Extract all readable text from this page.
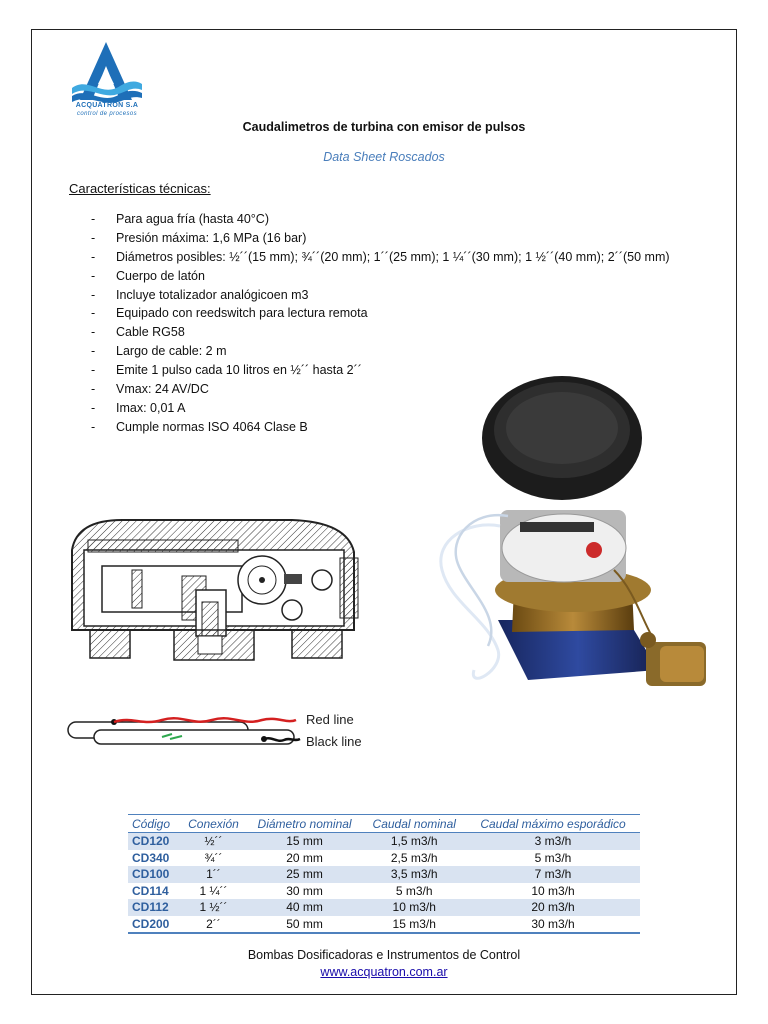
ACQUATRON S.A
control de procesos
Caudalimetros de turbina con emisor de pulsos
Data Sheet Roscados
Características técnicas:
- Para agua fría (hasta 40°C)
- Presión máxima: 1,6 MPa (16 bar)
- Diámetros posibles: ½´´(15 mm); ¾´´(20 mm); 1´´(25 mm); 1 ¼´´(30 mm); 1 ½´´(40 mm); 2´´(50 mm)
- Cuerpo de latón
- Incluye totalizador analógicoen m3
- Equipado con reedswitch para lectura remota
- Cable RG58
- Largo de cable: 2 m
- Emite 1 pulso cada 10 litros en ½´´ hasta 2´´
- Vmax: 24 AV/DC
- Imax: 0,01 A
- Cumple normas ISO 4064 Clase B
Red line
Black line
Código	Conexión	Diámetro nominal	Caudal nominal	Caudal máximo esporádico
CD120	½´´	15 mm	1,5 m3/h	3 m3/h
CD340	¾´´	20 mm	2,5 m3/h	5 m3/h
CD100	1´´	25 mm	3,5 m3/h	7 m3/h
CD114	1 ¼´´	30 mm	5 m3/h	10 m3/h
CD112	1 ½´´	40 mm	10 m3/h	20 m3/h
CD200	2´´	50 mm	15 m3/h	30 m3/h
Bombas Dosificadoras e Instrumentos de Control
www.acquatron.com.ar
